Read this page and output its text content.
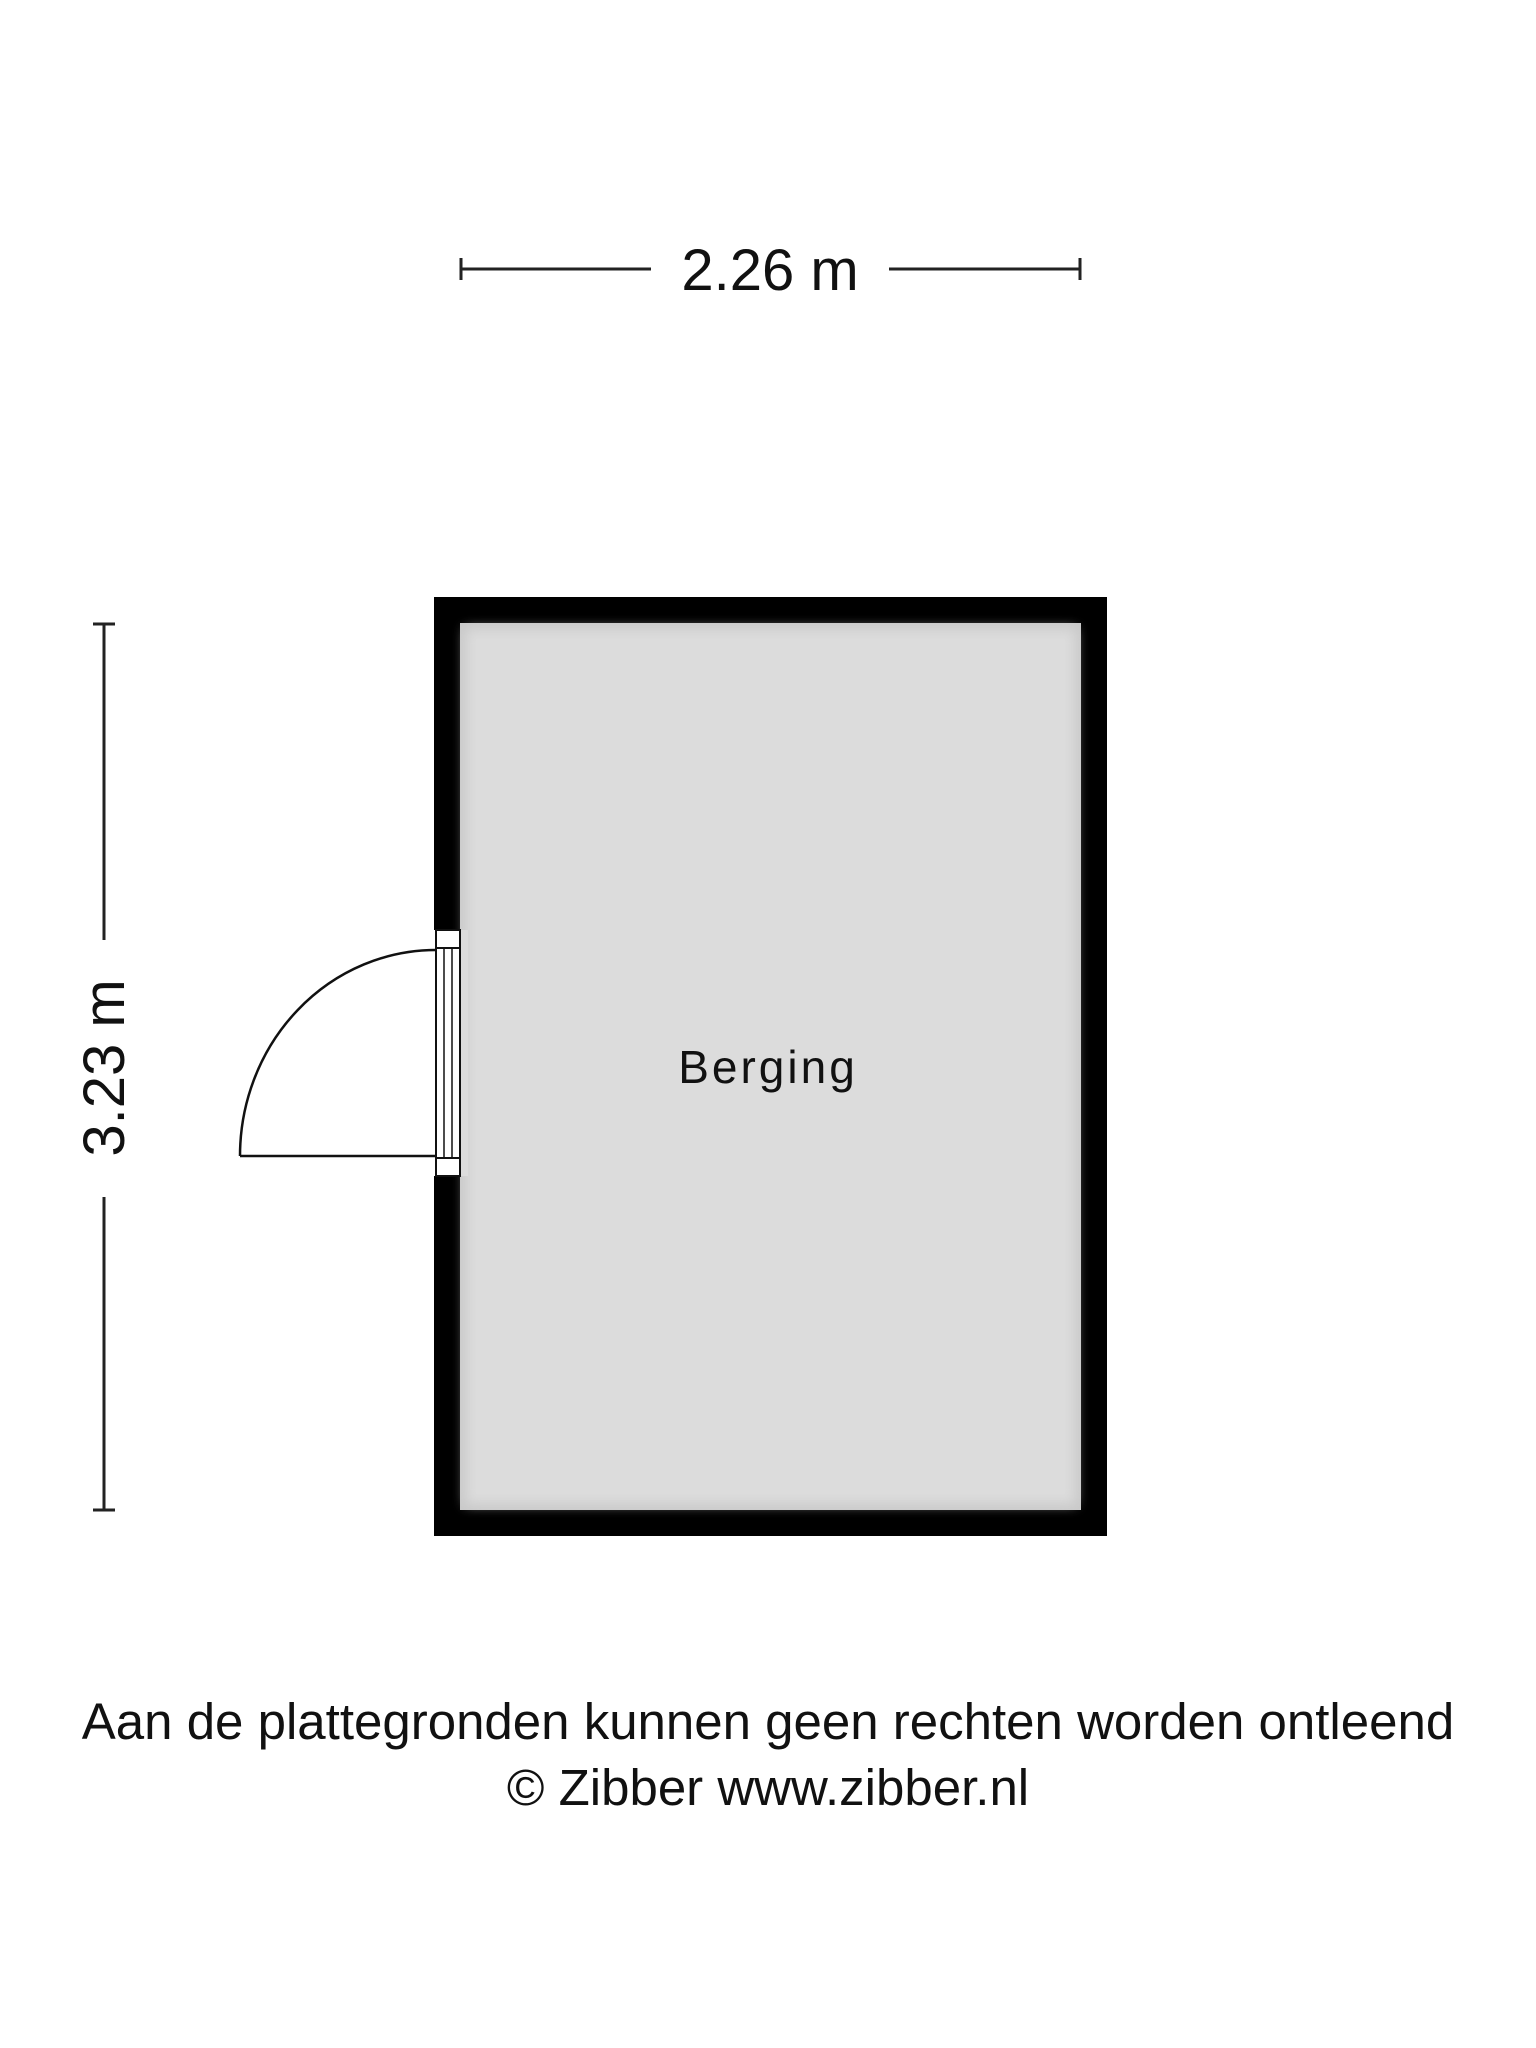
2.26 m
3.23 m	Berging
Aan de plattegronden kunnen geen rechten worden ontleend
© Zibber www.zibber.nl
